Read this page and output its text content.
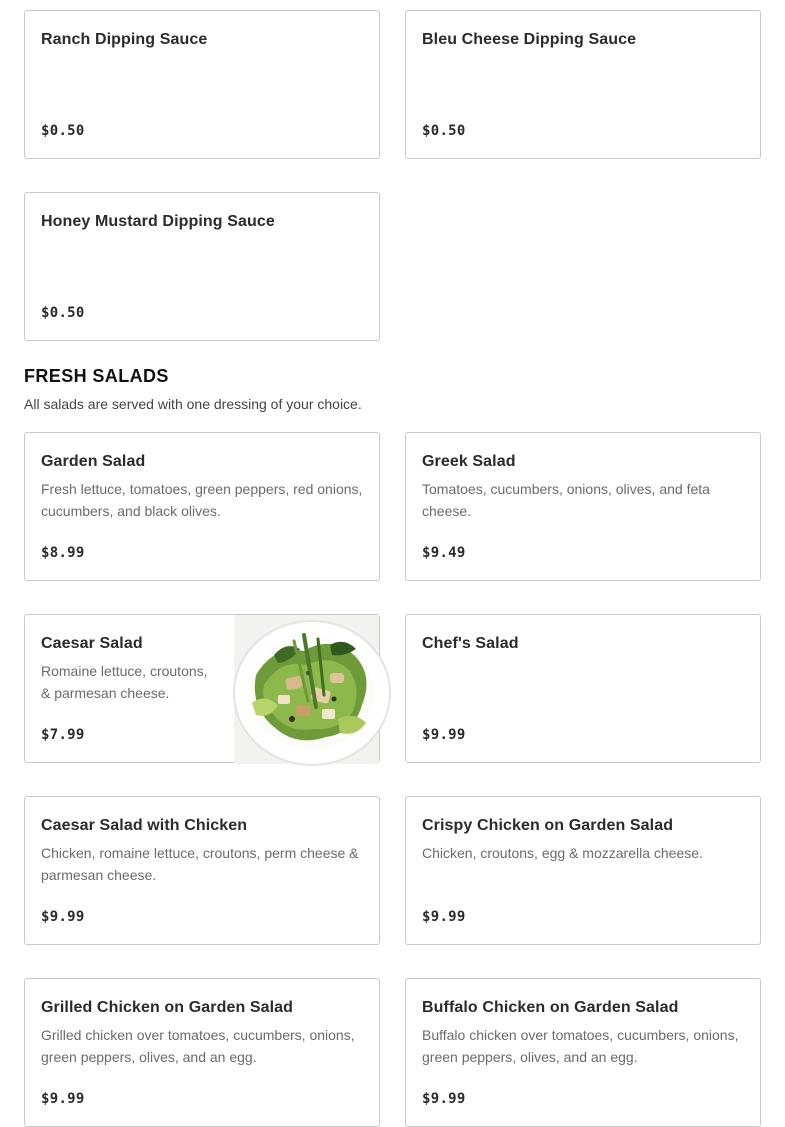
Ranch Dipping Sauce
$0.50
Bleu Cheese Dipping Sauce
$0.50
Honey Mustard Dipping Sauce
$0.50
FRESH SALADS

All salads are served with one dressing of your choice.

Garden Salad
Fresh lettuce, tomatoes, green peppers, red onions, cucumbers, and black olives.
$8.99
Greek Salad
Tomatoes, cucumbers, onions, olives, and feta cheese.
$9.49
Caesar Salad
Romaine lettuce, croutons, & parmesan cheese.
$7.99
Chef's Salad
$9.99
Caesar Salad with Chicken
Chicken, romaine lettuce, croutons, perm cheese & parmesan cheese.
$9.99
Crispy Chicken on Garden Salad
Chicken, croutons, egg & mozzarella cheese.
$9.99
Grilled Chicken on Garden Salad
Grilled chicken over tomatoes, cucumbers, onions, green peppers, olives, and an egg.
$9.99
Buffalo Chicken on Garden Salad
Buffalo chicken over tomatoes, cucumbers, onions, green peppers, olives, and an egg.
$9.99
